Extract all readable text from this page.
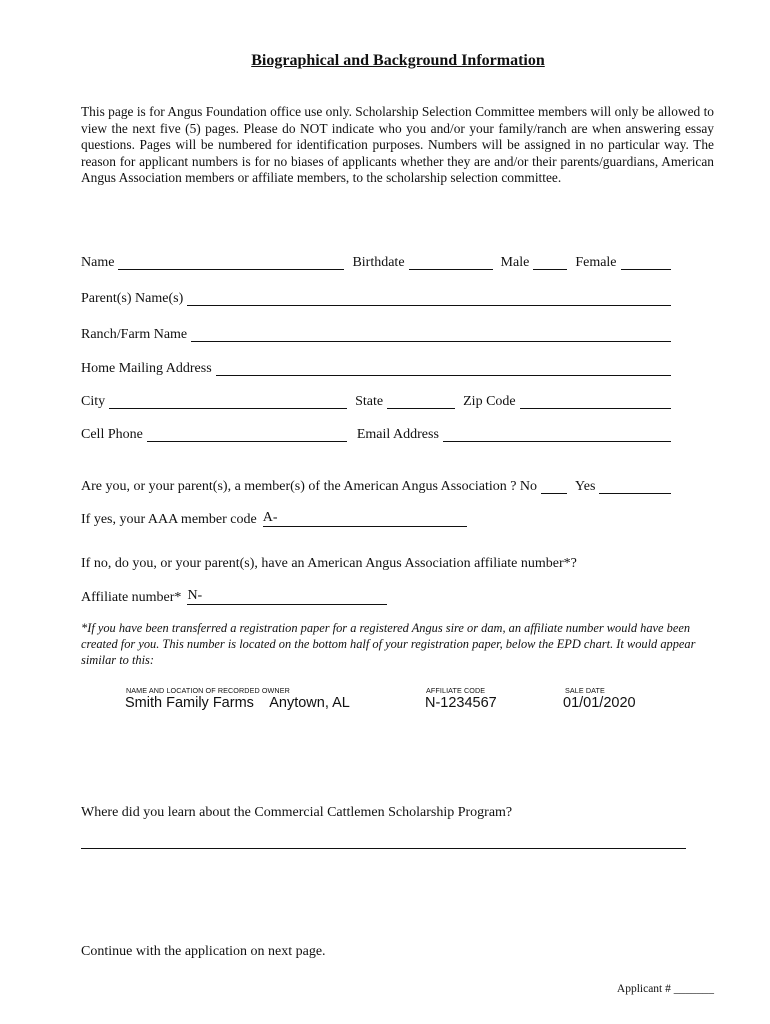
Biographical and Background Information
This page is for Angus Foundation office use only. Scholarship Selection Committee members will only be allowed to view the next five (5) pages. Please do NOT indicate who you and/or your family/ranch are when answering essay questions. Pages will be numbered for identification purposes. Numbers will be assigned in no particular way. The reason for applicant numbers is for no biases of applicants whether they are and/or their parents/guardians, American Angus Association members or affiliate members, to the scholarship selection committee.
Name	Birthdate	Male	Female
Parent(s) Name(s)
Ranch/Farm Name
Home Mailing Address
City	State	Zip Code
Cell Phone	Email Address
Are you, or your parent(s), a member(s) of the American Angus Association ? No	Yes
If yes, your AAA member code A-
If no, do you, or your parent(s), have an American Angus Association affiliate number*?
Affiliate number* N-
*If you have been transferred a registration paper for a registered Angus sire or dam, an affiliate number would have been created for you. This number is located on the bottom half of your registration paper, below the EPD chart. It would appear similar to this:
NAME AND LOCATION OF RECORDED OWNER	AFFILIATE CODE	SALE DATE
Smith Family Farms    Anytown, AL	N-1234567	01/01/2020
Where did you learn about the Commercial Cattlemen Scholarship Program?
Continue with the application on next page.
Applicant # _______
